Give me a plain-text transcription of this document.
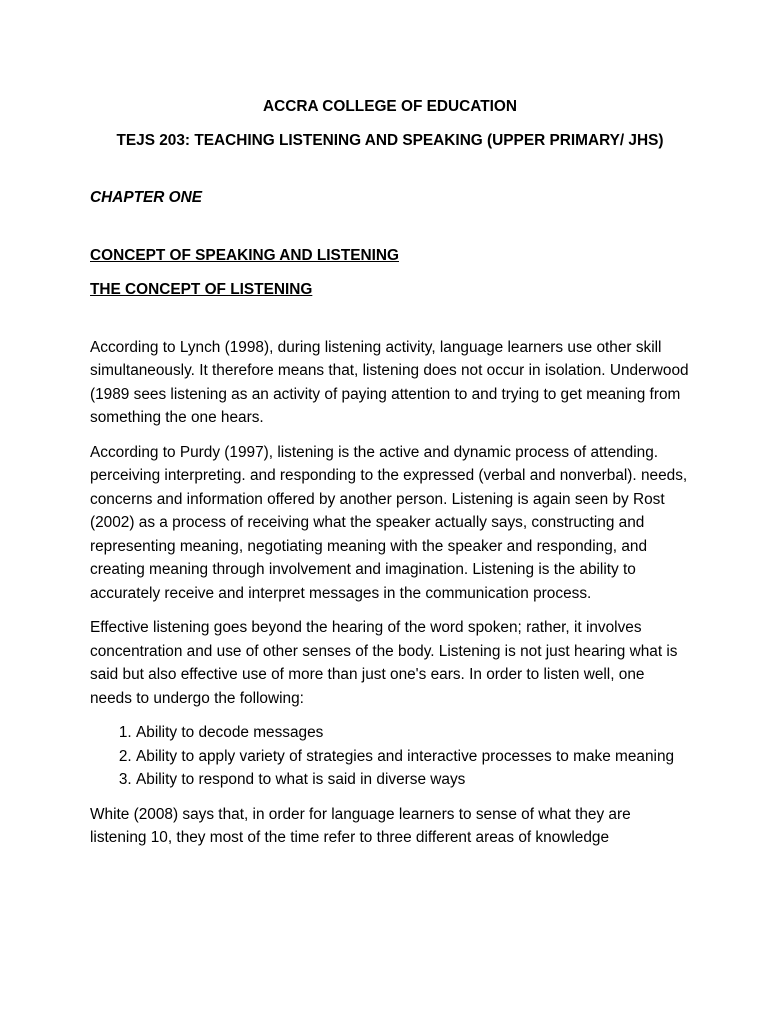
ACCRA COLLEGE OF EDUCATION

TEJS 203: TEACHING LISTENING AND SPEAKING (UPPER PRIMARY/ JHS)

CHAPTER ONE

CONCEPT OF SPEAKING AND LISTENING

THE CONCEPT OF LISTENING

According to Lynch (1998), during listening activity, language learners use other skill simultaneously. It therefore means that, listening does not occur in isolation. Underwood (1989 sees listening as an activity of paying attention to and trying to get meaning from something the one hears.

According to Purdy (1997), listening is the active and dynamic process of attending. perceiving interpreting. and responding to the expressed (verbal and nonverbal). needs, concerns and information offered by another person. Listening is again seen by Rost (2002) as a process of receiving what the speaker actually says, constructing and representing meaning, negotiating meaning with the speaker and responding, and creating meaning through involvement and imagination. Listening is the ability to accurately receive and interpret messages in the communication process.

Effective listening goes beyond the hearing of the word spoken; rather, it involves concentration and use of other senses of the body. Listening is not just hearing what is said but also effective use of more than just one's ears. In order to listen well, one needs to undergo the following:

1. Ability to decode messages
2. Ability to apply variety of strategies and interactive processes to make meaning
3. Ability to respond to what is said in diverse ways

White (2008) says that, in order for language learners to sense of what they are listening 10, they most of the time refer to three different areas of knowledge
